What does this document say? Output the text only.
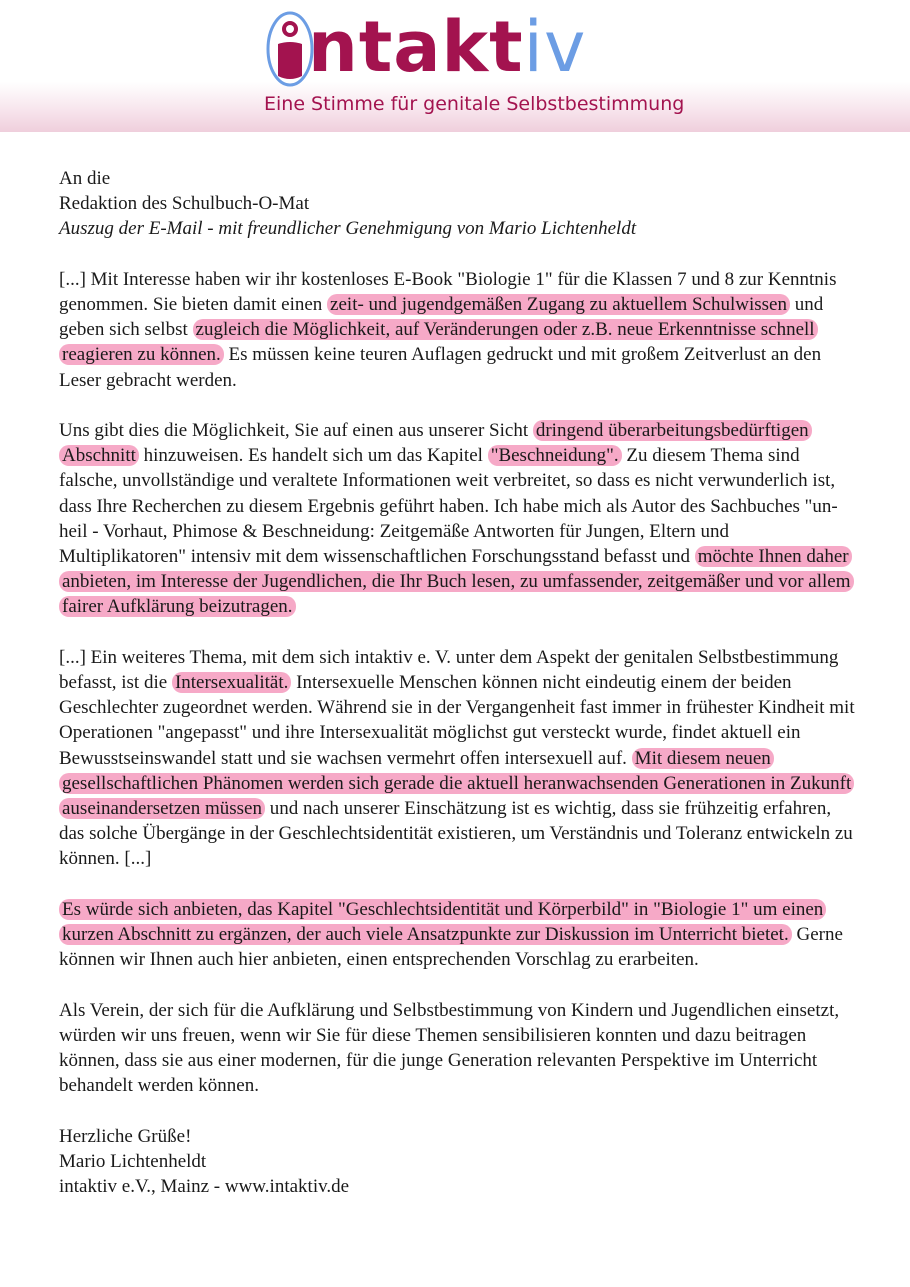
ntaktiv
Eine Stimme für genitale Selbstbestimmung

An die
Redaktion des Schulbuch-O-Mat
Auszug der E-Mail - mit freundlicher Genehmigung von Mario Lichtenheldt

[...] Mit Interesse haben wir ihr kostenloses E-Book "Biologie 1" für die Klassen 7 und 8 zur Kenntnis genommen. Sie bieten damit einen zeit- und jugendgemäßen Zugang zu aktuellem Schulwissen und geben sich selbst zugleich die Möglichkeit, auf Veränderungen oder z.B. neue Erkenntnisse schnell reagieren zu können. Es müssen keine teuren Auflagen gedruckt und mit großem Zeitverlust an den Leser gebracht werden.

Uns gibt dies die Möglichkeit, Sie auf einen aus unserer Sicht dringend überarbeitungsbedürftigen Abschnitt hinzuweisen. Es handelt sich um das Kapitel "Beschneidung". Zu diesem Thema sind falsche, unvollständige und veraltete Informationen weit verbreitet, so dass es nicht verwunderlich ist, dass Ihre Recherchen zu diesem Ergebnis geführt haben. Ich habe mich als Autor des Sachbuches "un-heil - Vorhaut, Phimose & Beschneidung: Zeitgemäße Antworten für Jungen, Eltern und Multiplikatoren" intensiv mit dem wissenschaftlichen Forschungsstand befasst und möchte Ihnen daher anbieten, im Interesse der Jugendlichen, die Ihr Buch lesen, zu umfassender, zeitgemäßer und vor allem fairer Aufklärung beizutragen.

[...] Ein weiteres Thema, mit dem sich intaktiv e. V. unter dem Aspekt der genitalen Selbstbestimmung befasst, ist die Intersexualität. Intersexuelle Menschen können nicht eindeutig einem der beiden Geschlechter zugeordnet werden. Während sie in der Vergangenheit fast immer in frühester Kindheit mit Operationen "angepasst" und ihre Intersexualität möglichst gut versteckt wurde, findet aktuell ein Bewusstseinswandel statt und sie wachsen vermehrt offen intersexuell auf. Mit diesem neuen gesellschaftlichen Phänomen werden sich gerade die aktuell heranwachsenden Generationen in Zukunft auseinandersetzen müssen und nach unserer Einschätzung ist es wichtig, dass sie frühzeitig erfahren, das solche Übergänge in der Geschlechtsidentität existieren, um Verständnis und Toleranz entwickeln zu können. [...]

Es würde sich anbieten, das Kapitel "Geschlechtsidentität und Körperbild" in "Biologie 1" um einen kurzen Abschnitt zu ergänzen, der auch viele Ansatzpunkte zur Diskussion im Unterricht bietet. Gerne können wir Ihnen auch hier anbieten, einen entsprechenden Vorschlag zu erarbeiten.

Als Verein, der sich für die Aufklärung und Selbstbestimmung von Kindern und Jugendlichen einsetzt, würden wir uns freuen, wenn wir Sie für diese Themen sensibilisieren konnten und dazu beitragen können, dass sie aus einer modernen, für die junge Generation relevanten Perspektive im Unterricht behandelt werden können.

Herzliche Grüße!
Mario Lichtenheldt
intaktiv e.V., Mainz - www.intaktiv.de
